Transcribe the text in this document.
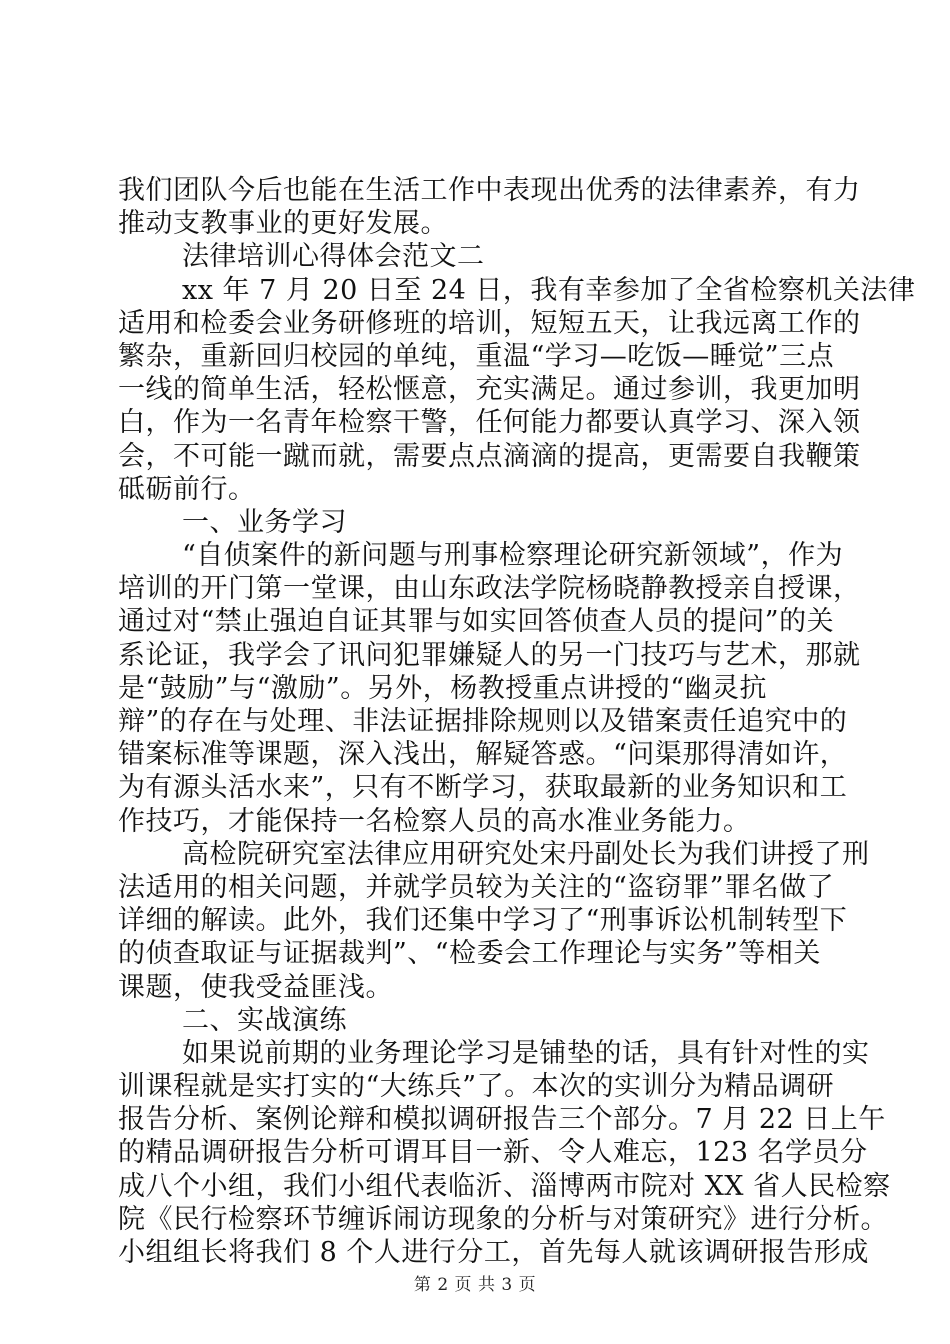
我们团队今后也能在生活工作中表现出优秀的法律素养，有力
推动支教事业的更好发展。
法律培训心得体会范文二
xx 年 7 月 20 日至 24 日，我有幸参加了全省检察机关法律
适用和检委会业务研修班的培训，短短五天，让我远离工作的
繁杂，重新回归校园的单纯，重温“学习—吃饭—睡觉”三点
一线的简单生活，轻松惬意，充实满足。通过参训，我更加明
白，作为一名青年检察干警，任何能力都要认真学习、深入领
会，不可能一蹴而就，需要点点滴滴的提高，更需要自我鞭策
砥砺前行。
一、业务学习
“自侦案件的新问题与刑事检察理论研究新领域”，作为
培训的开门第一堂课，由山东政法学院杨晓静教授亲自授课，
通过对“禁止强迫自证其罪与如实回答侦查人员的提问”的关
系论证，我学会了讯问犯罪嫌疑人的另一门技巧与艺术，那就
是“鼓励”与“激励”。另外，杨教授重点讲授的“幽灵抗
辩”的存在与处理、非法证据排除规则以及错案责任追究中的
错案标准等课题，深入浅出，解疑答惑。“问渠那得清如许，
为有源头活水来”，只有不断学习，获取最新的业务知识和工
作技巧，才能保持一名检察人员的高水准业务能力。
高检院研究室法律应用研究处宋丹副处长为我们讲授了刑
法适用的相关问题，并就学员较为关注的“盗窃罪”罪名做了
详细的解读。此外，我们还集中学习了“刑事诉讼机制转型下
的侦查取证与证据裁判”、“检委会工作理论与实务”等相关
课题，使我受益匪浅。
二、实战演练
如果说前期的业务理论学习是铺垫的话，具有针对性的实
训课程就是实打实的“大练兵”了。本次的实训分为精品调研
报告分析、案例论辩和模拟调研报告三个部分。7 月 22 日上午
的精品调研报告分析可谓耳目一新、令人难忘，123 名学员分
成八个小组，我们小组代表临沂、淄博两市院对 XX 省人民检察
院《民行检察环节缠诉闹访现象的分析与对策研究》进行分析。
小组组长将我们 8 个人进行分工，首先每人就该调研报告形成
第 2 页 共 3 页
